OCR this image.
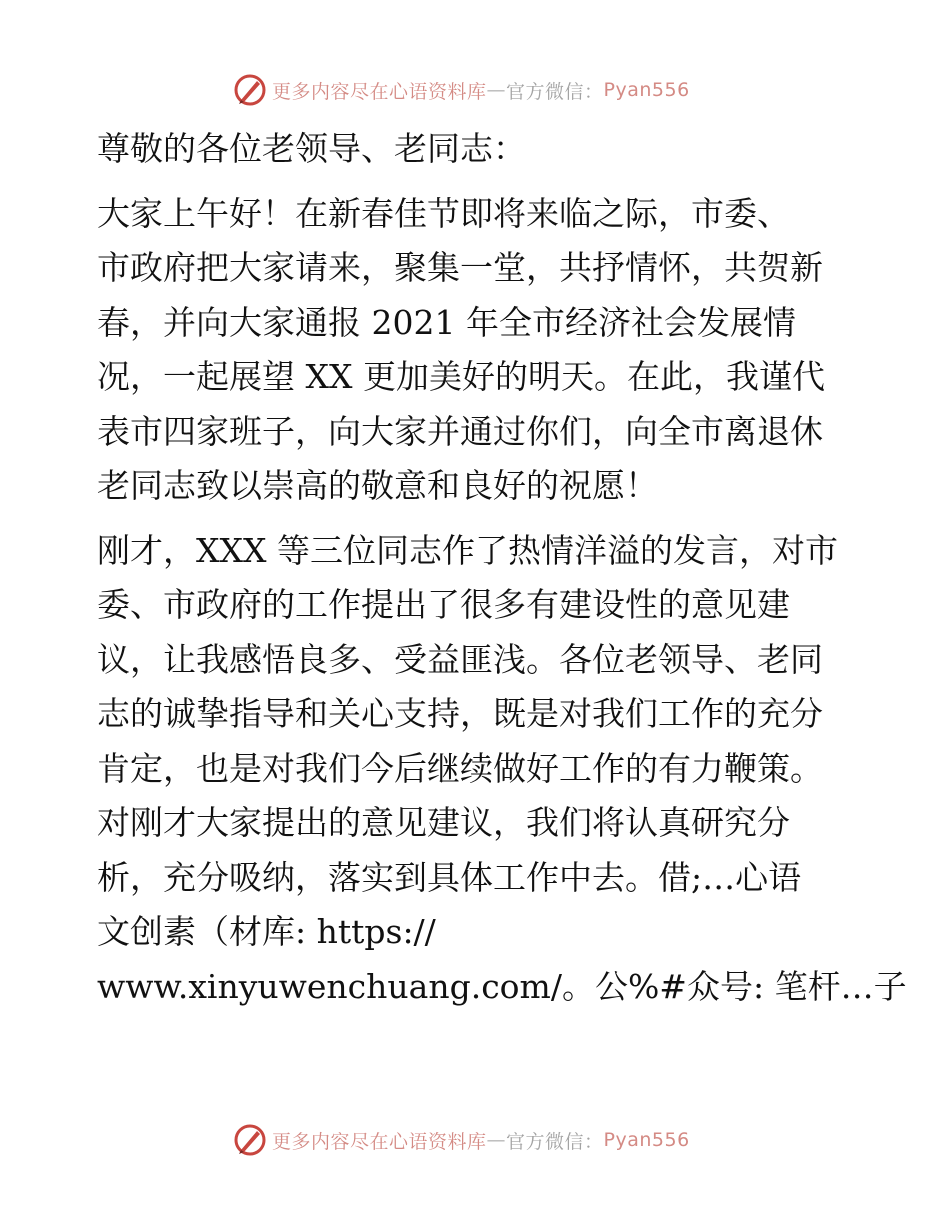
更多内容尽在心语资料库 — 官方微信： Pyan556

尊敬的各位老领导、老同志：

大家上午好！在新春佳节即将来临之际，市委、
市政府把大家请来，聚集一堂，共抒情怀，共贺新
春，并向大家通报 2021 年全市经济社会发展情
况，一起展望 XX 更加美好的明天。在此，我谨代
表市四家班子，向大家并通过你们，向全市离退休
老同志致以崇高的敬意和良好的祝愿！

刚才，XXX 等三位同志作了热情洋溢的发言，对市
委、市政府的工作提出了很多有建设性的意见建
议，让我感悟良多、受益匪浅。各位老领导、老同
志的诚挚指导和关心支持，既是对我们工作的充分
肯定，也是对我们今后继续做好工作的有力鞭策。
对刚才大家提出的意见建议，我们将认真研究分
析，充分吸纳，落实到具体工作中去。借;…心语
文创素（材库: https://
www.xinyuwenchuang.com/。公%#众号: 笔杆…子

更多内容尽在心语资料库 — 官方微信： Pyan556
